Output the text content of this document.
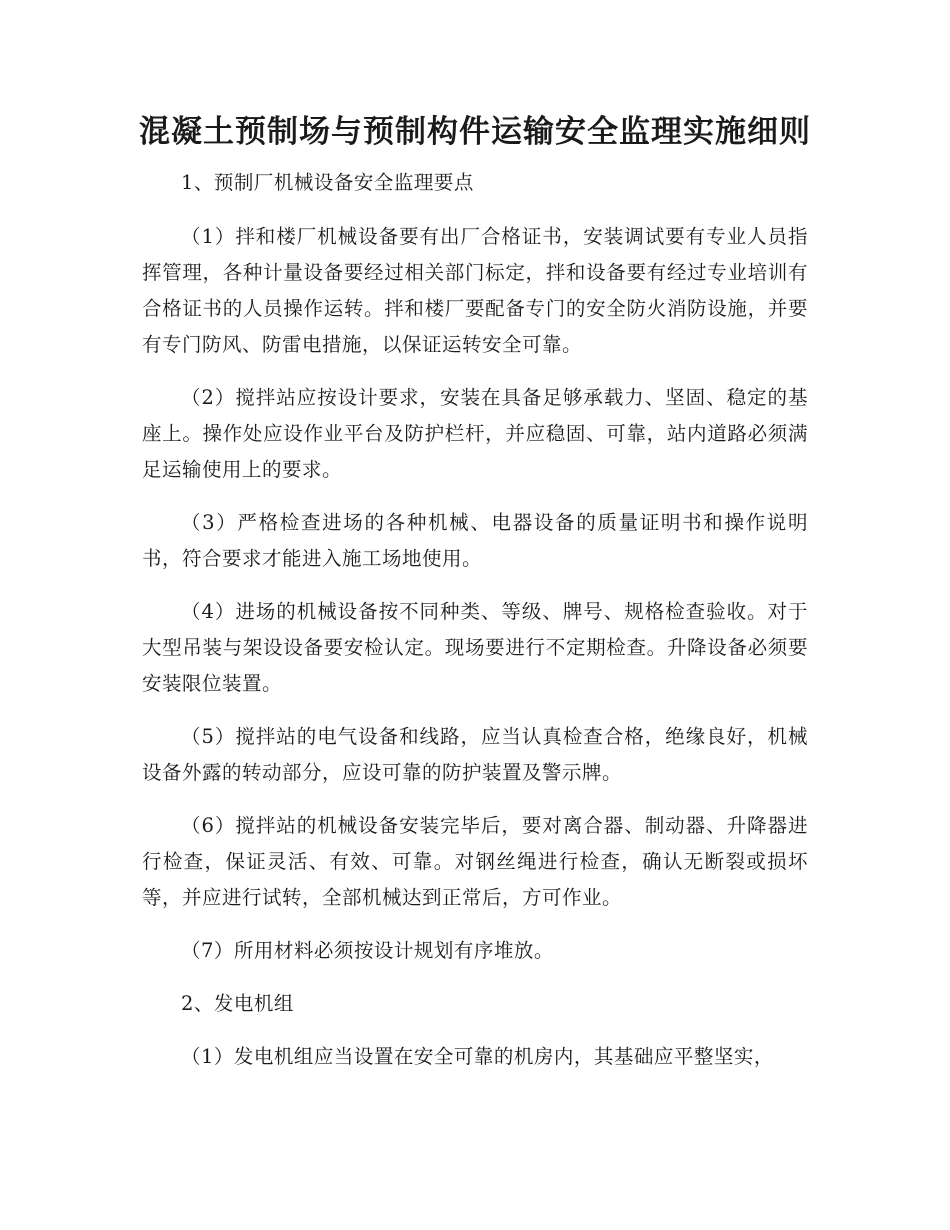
混凝土预制场与预制构件运输安全监理实施细则

1、预制厂机械设备安全监理要点

（1）拌和楼厂机械设备要有出厂合格证书，安装调试要有专业人员指挥管理，各种计量设备要经过相关部门标定，拌和设备要有经过专业培训有合格证书的人员操作运转。拌和楼厂要配备专门的安全防火消防设施，并要有专门防风、防雷电措施，以保证运转安全可靠。

（2）搅拌站应按设计要求，安装在具备足够承载力、坚固、稳定的基座上。操作处应设作业平台及防护栏杆，并应稳固、可靠，站内道路必须满足运输使用上的要求。

（3）严格检查进场的各种机械、电器设备的质量证明书和操作说明书，符合要求才能进入施工场地使用。

（4）进场的机械设备按不同种类、等级、牌号、规格检查验收。对于大型吊装与架设设备要安检认定。现场要进行不定期检查。升降设备必须要安装限位装置。

（5）搅拌站的电气设备和线路，应当认真检查合格，绝缘良好，机械设备外露的转动部分，应设可靠的防护装置及警示牌。

（6）搅拌站的机械设备安装完毕后，要对离合器、制动器、升降器进行检查，保证灵活、有效、可靠。对钢丝绳进行检查，确认无断裂或损坏等，并应进行试转，全部机械达到正常后，方可作业。

（7）所用材料必须按设计规划有序堆放。

2、发电机组

（1）发电机组应当设置在安全可靠的机房内，其基础应平整坚实，
